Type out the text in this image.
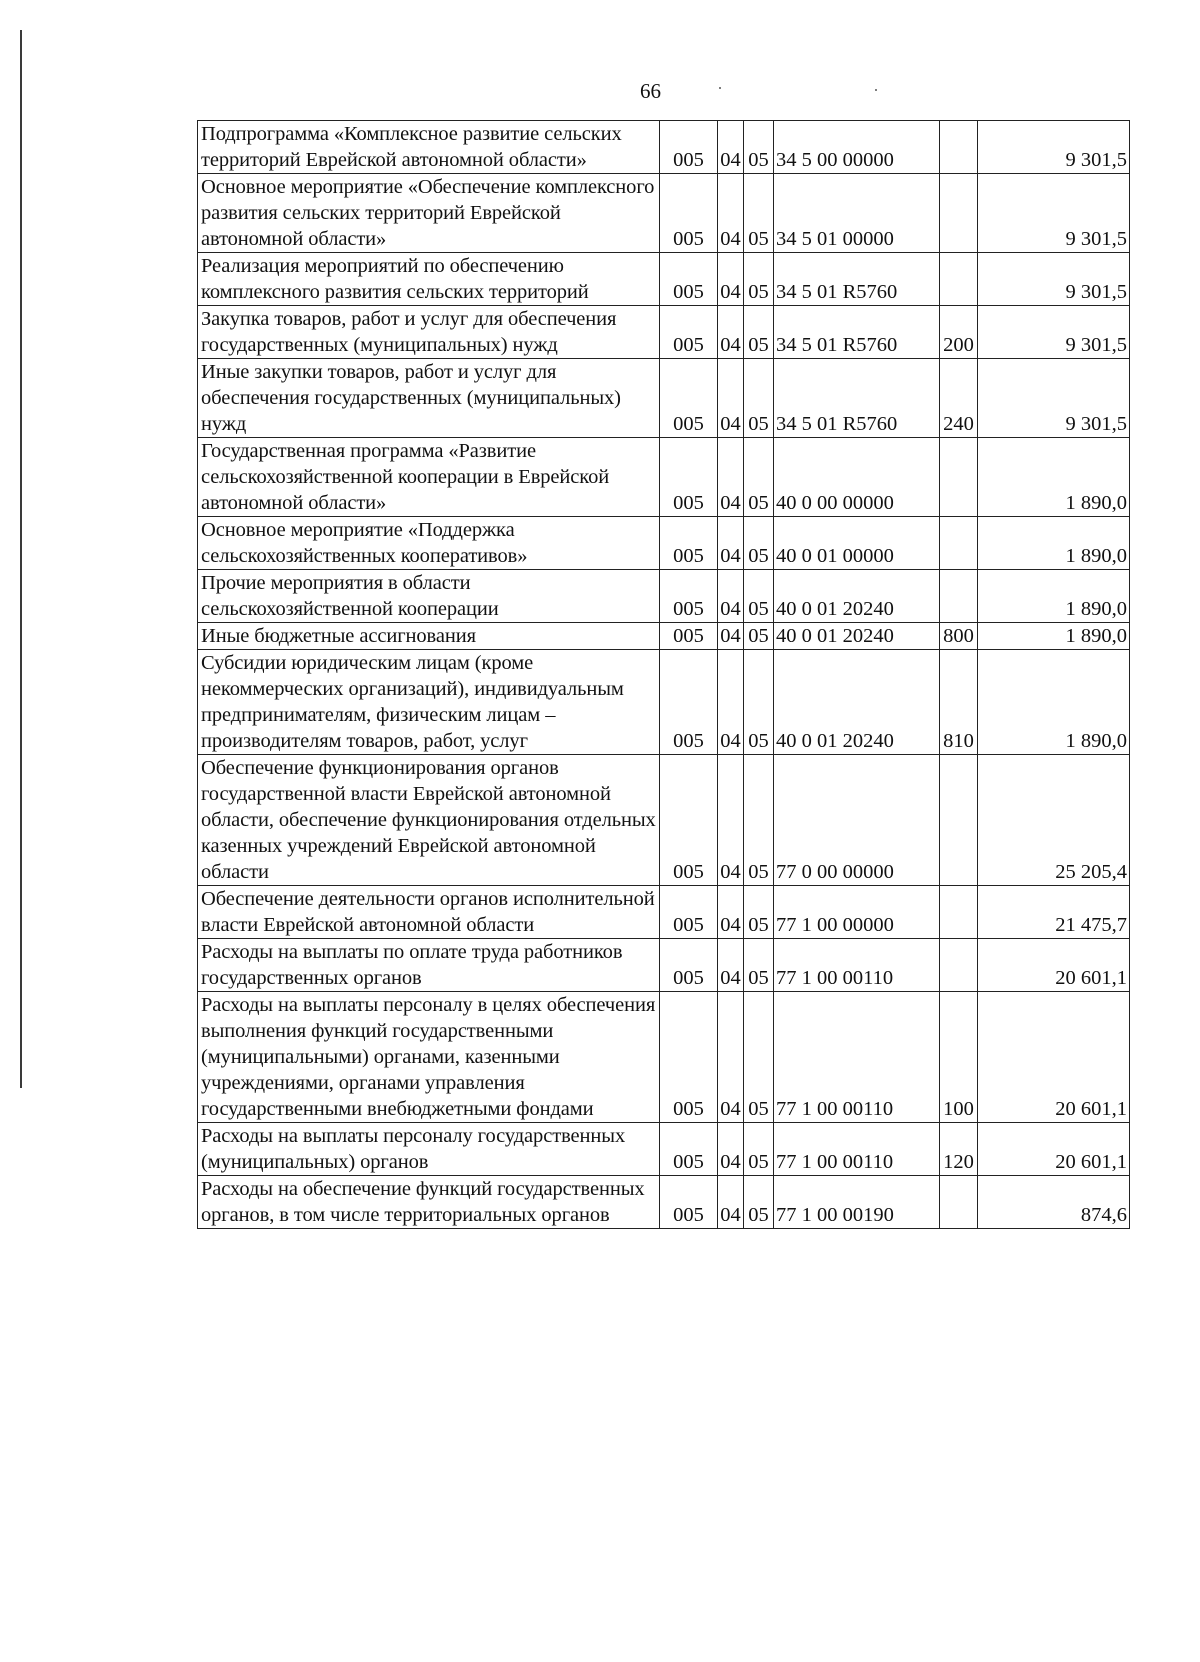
66
Подпрограмма «Комплексное развитие сельских территорий Еврейской автономной области»	005	04	05	34 5 00 00000		9 301,5
Основное мероприятие «Обеспечение комплексного развития сельских территорий Еврейской автономной области»	005	04	05	34 5 01 00000		9 301,5
Реализация мероприятий по обеспечению комплексного развития сельских территорий	005	04	05	34 5 01 R5760		9 301,5
Закупка товаров, работ и услуг для обеспечения государственных (муниципальных) нужд	005	04	05	34 5 01 R5760	200	9 301,5
Иные закупки товаров, работ и услуг для обеспечения государственных (муниципальных) нужд	005	04	05	34 5 01 R5760	240	9 301,5
Государственная программа «Развитие сельскохозяйственной кооперации в Еврейской автономной области»	005	04	05	40 0 00 00000		1 890,0
Основное мероприятие «Поддержка сельскохозяйственных кооперативов»	005	04	05	40 0 01 00000		1 890,0
Прочие мероприятия в области сельскохозяйственной кооперации	005	04	05	40 0 01 20240		1 890,0
Иные бюджетные ассигнования	005	04	05	40 0 01 20240	800	1 890,0
Субсидии юридическим лицам (кроме некоммерческих организаций), индивидуальным предпринимателям, физическим лицам – производителям товаров, работ, услуг	005	04	05	40 0 01 20240	810	1 890,0
Обеспечение функционирования органов государственной власти Еврейской автономной области, обеспечение функционирования отдельных казенных учреждений Еврейской автономной области	005	04	05	77 0 00 00000		25 205,4
Обеспечение деятельности органов исполнительной власти Еврейской автономной области	005	04	05	77 1 00 00000		21 475,7
Расходы на выплаты по оплате труда работников государственных органов	005	04	05	77 1 00 00110		20 601,1
Расходы на выплаты персоналу в целях обеспечения выполнения функций государственными (муниципальными) органами, казенными учреждениями, органами управления государственными внебюджетными фондами	005	04	05	77 1 00 00110	100	20 601,1
Расходы на выплаты персоналу государственных (муниципальных) органов	005	04	05	77 1 00 00110	120	20 601,1
Расходы на обеспечение функций государственных органов, в том числе территориальных органов	005	04	05	77 1 00 00190		874,6
